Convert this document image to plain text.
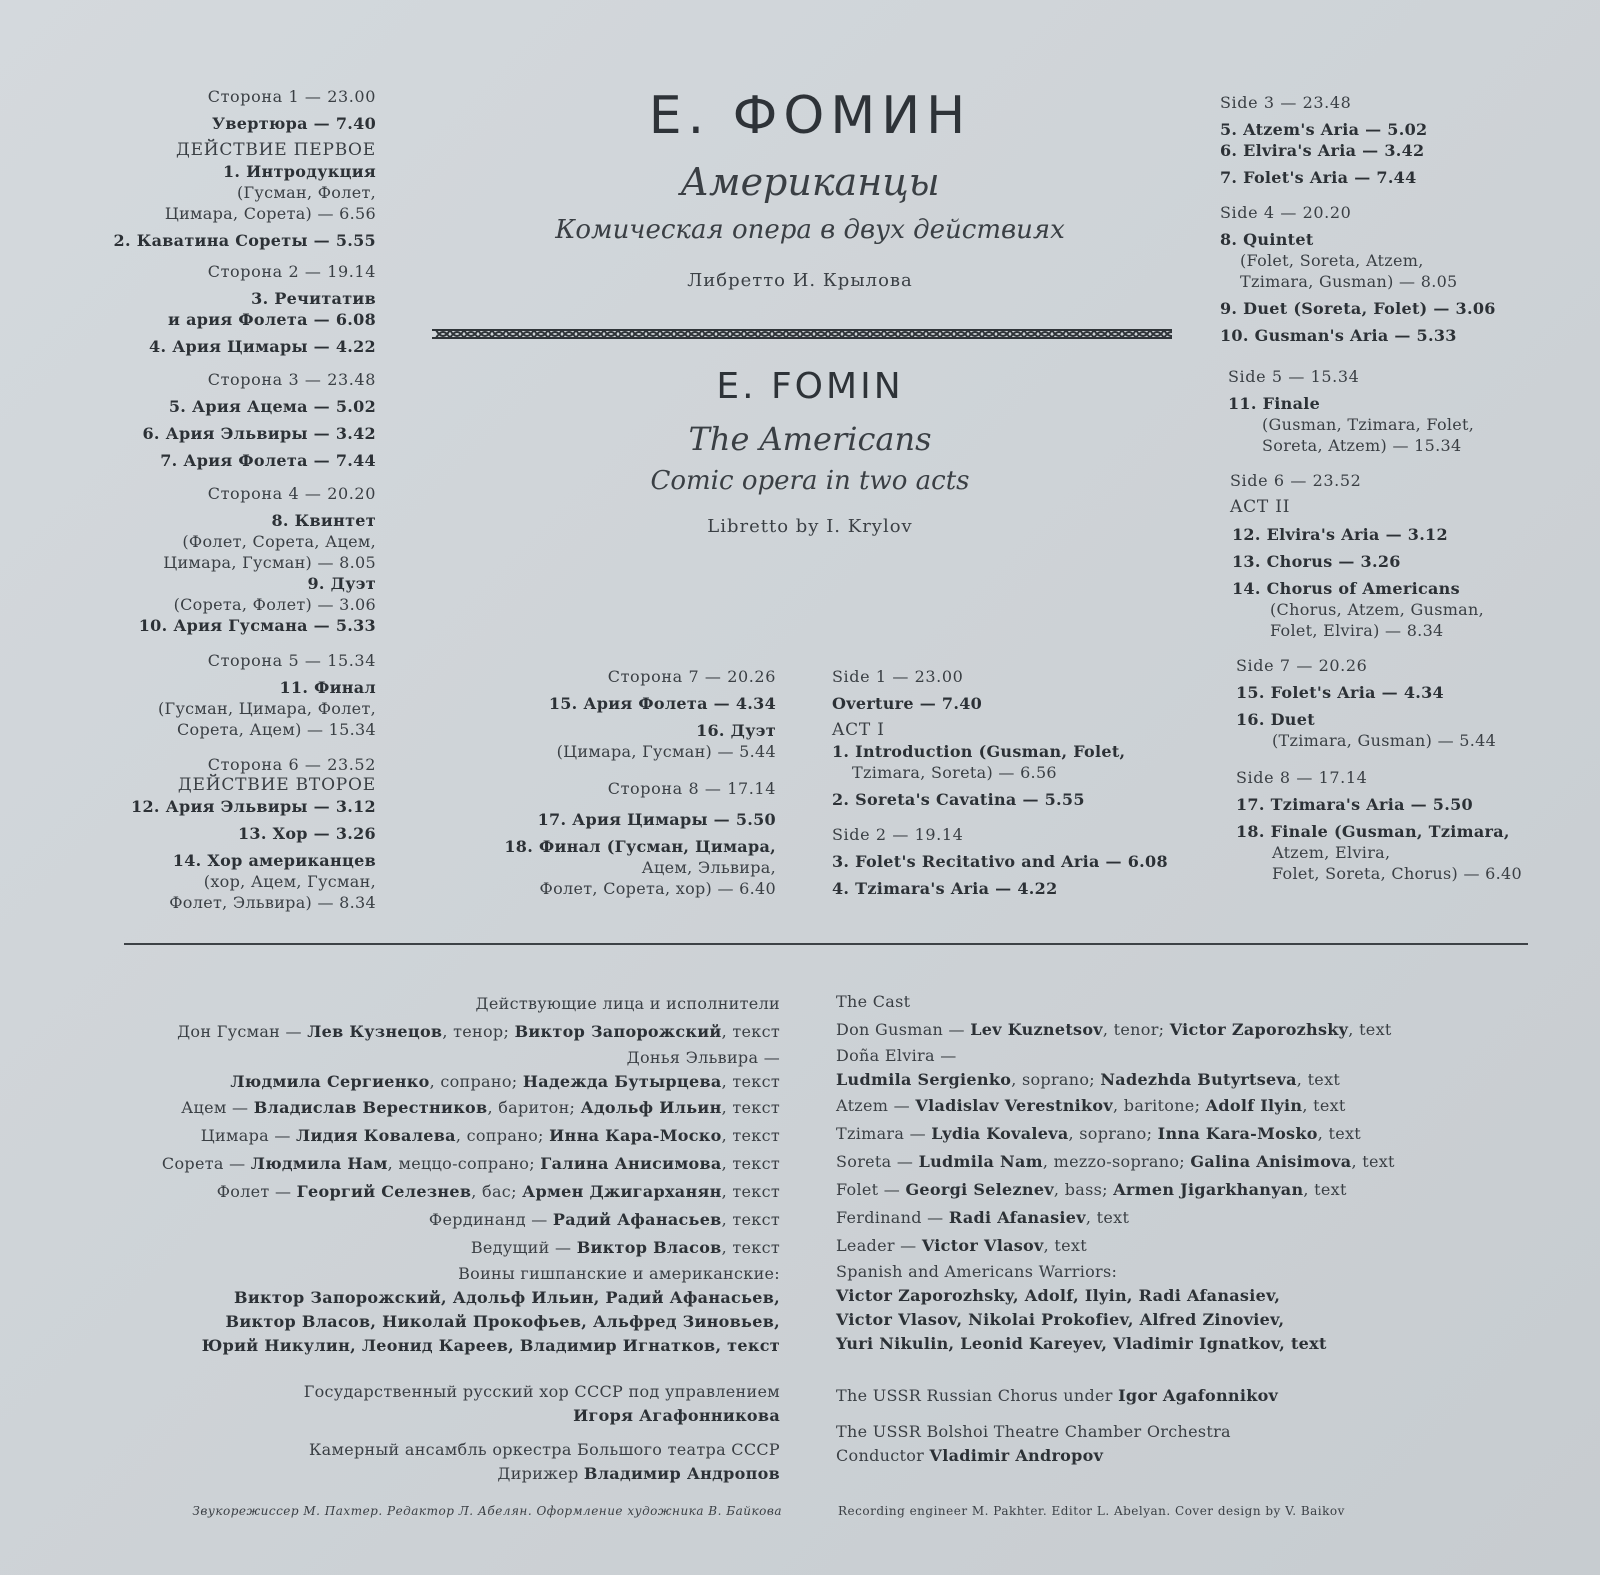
Е. ФОМИН
Американцы
Комическая опера в двух действиях
Либретто И. Крылова
E. FOMIN
The Americans
Comic opera in two acts
Libretto by I. Krylov
Сторона 1 — 23.00
Увертюра — 7.40
ДЕЙСТВИЕ ПЕРВОЕ
1. Интродукция
(Гусман, Фолет,
Цимара, Сорета) — 6.56
2. Каватина Сореты — 5.55
Сторона 2 — 19.14
3. Речитатив
и ария Фолета — 6.08
4. Ария Цимары — 4.22
Сторона 3 — 23.48
5. Ария Ацема — 5.02
6. Ария Эльвиры — 3.42
7. Ария Фолета — 7.44
Сторона 4 — 20.20
8. Квинтет
(Фолет, Сорета, Ацем,
Цимара, Гусман) — 8.05
9. Дуэт
(Сорета, Фолет) — 3.06
10. Ария Гусмана — 5.33
Сторона 5 — 15.34
11. Финал
(Гусман, Цимара, Фолет,
Сорета, Ацем) — 15.34
Сторона 6 — 23.52
ДЕЙСТВИЕ ВТОРОЕ
12. Ария Эльвиры — 3.12
13. Хор — 3.26
14. Хор американцев
(хор, Ацем, Гусман,
Фолет, Эльвира) — 8.34
Сторона 7 — 20.26
15. Ария Фолета — 4.34
16. Дуэт
(Цимара, Гусман) — 5.44
Сторона 8 — 17.14
17. Ария Цимары — 5.50
18. Финал (Гусман, Цимара,
Ацем, Эльвира,
Фолет, Сорета, хор) — 6.40
Side 1 — 23.00
Overture — 7.40
ACT I
1. Introduction (Gusman, Folet,
Tzimara, Soreta) — 6.56
2. Soreta's Cavatina — 5.55
Side 2 — 19.14
3. Folet's Recitativo and Aria — 6.08
4. Tzimara's Aria — 4.22
Side 3 — 23.48
5. Atzem's Aria — 5.02
6. Elvira's Aria — 3.42
7. Folet's Aria — 7.44
Side 4 — 20.20
8. Quintet
(Folet, Soreta, Atzem,
Tzimara, Gusman) — 8.05
9. Duet (Soreta, Folet) — 3.06
10. Gusman's Aria — 5.33
Side 5 — 15.34
11. Finale
(Gusman, Tzimara, Folet,
Soreta, Atzem) — 15.34
Side 6 — 23.52
ACT II
12. Elvira's Aria — 3.12
13. Chorus — 3.26
14. Chorus of Americans
(Chorus, Atzem, Gusman,
Folet, Elvira) — 8.34
Side 7 — 20.26
15. Folet's Aria — 4.34
16. Duet
(Tzimara, Gusman) — 5.44
Side 8 — 17.14
17. Tzimara's Aria — 5.50
18. Finale (Gusman, Tzimara,
Atzem, Elvira,
Folet, Soreta, Chorus) — 6.40
Действующие лица и исполнители
Дон Гусман — Лев Кузнецов, тенор; Виктор Запорожский, текст
Донья Эльвира —
Людмила Сергиенко, сопрано; Надежда Бутырцева, текст
Ацем — Владислав Верестников, баритон; Адольф Ильин, текст
Цимара — Лидия Ковалева, сопрано; Инна Кара-Моско, текст
Сорета — Людмила Нам, меццо-сопрано; Галина Анисимова, текст
Фолет — Георгий Селезнев, бас; Армен Джигарханян, текст
Фердинанд — Радий Афанасьев, текст
Ведущий — Виктор Власов, текст
Воины гишпанские и американские:
Виктор Запорожский, Адольф Ильин, Радий Афанасьев,
Виктор Власов, Николай Прокофьев, Альфред Зиновьев,
Юрий Никулин, Леонид Кареев, Владимир Игнатков, текст
Государственный русский хор СССР под управлением
Игоря Агафонникова
Камерный ансамбль оркестра Большого театра СССР
Дирижер Владимир Андропов
The Cast
Don Gusman — Lev Kuznetsov, tenor; Victor Zaporozhsky, text
Doña Elvira —
Ludmila Sergienko, soprano; Nadezhda Butyrtseva, text
Atzem — Vladislav Verestnikov, baritone; Adolf Ilyin, text
Tzimara — Lydia Kovaleva, soprano; Inna Kara-Mosko, text
Soreta — Ludmila Nam, mezzo-soprano; Galina Anisimova, text
Folet — Georgi Seleznev, bass; Armen Jigarkhanyan, text
Ferdinand — Radi Afanasiev, text
Leader — Victor Vlasov, text
Spanish and Americans Warriors:
Victor Zaporozhsky, Adolf, Ilyin, Radi Afanasiev,
Victor Vlasov, Nikolai Prokofiev, Alfred Zinoviev,
Yuri Nikulin, Leonid Kareyev, Vladimir Ignatkov, text
The USSR Russian Chorus under Igor Agafonnikov
The USSR Bolshoi Theatre Chamber Orchestra
Conductor Vladimir Andropov
Звукорежиссер М. Пахтер. Редактор Л. Абелян. Оформление художника В. Байкова	Recording engineer M. Pakhter. Editor L. Abelyan. Cover design by V. Baikov
